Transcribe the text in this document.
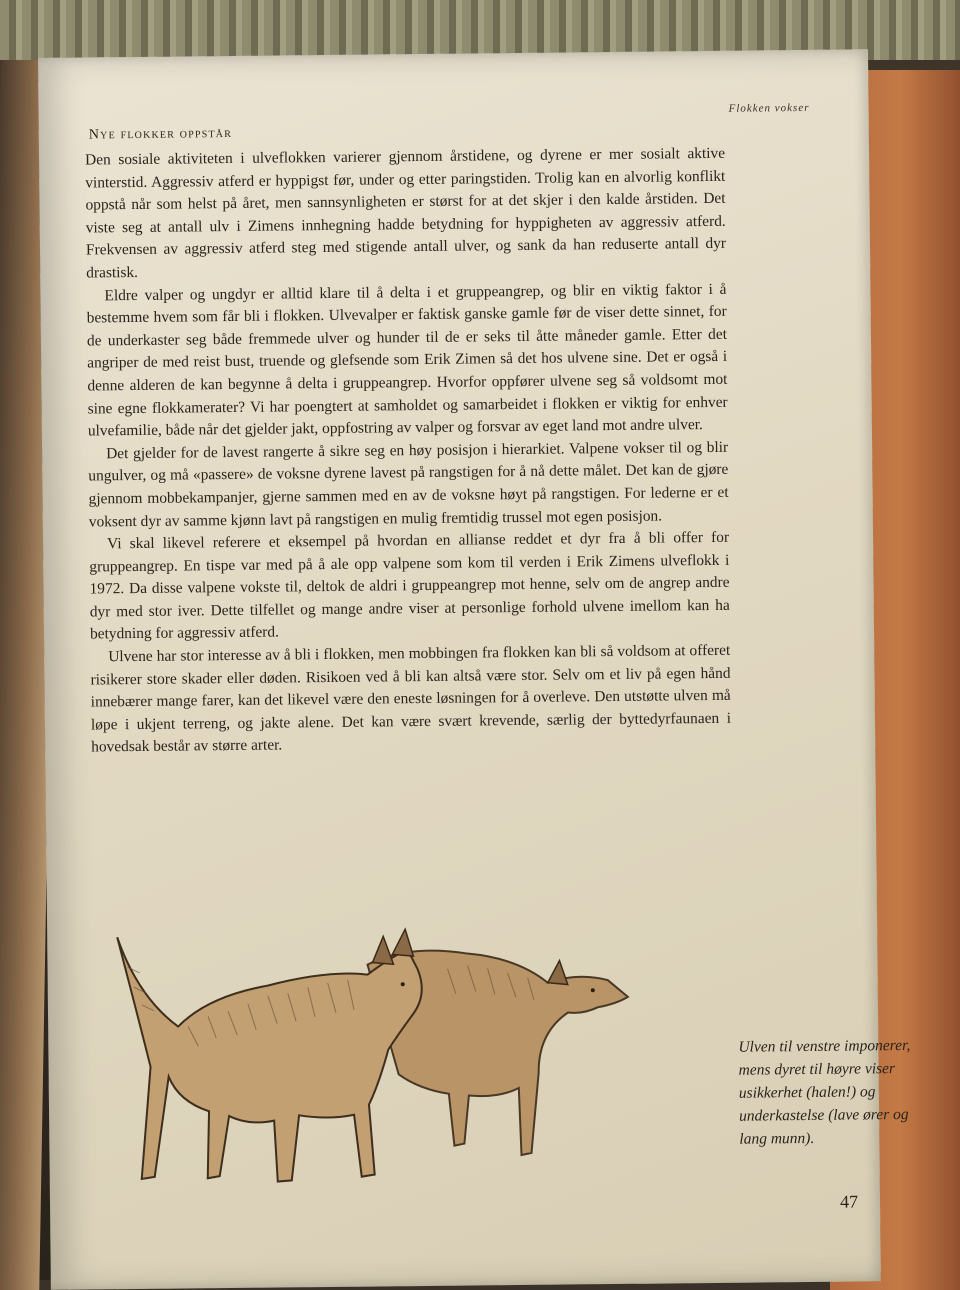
Flokken vokser
Nye flokker oppstår

Den sosiale aktiviteten i ulveflokken varierer gjennom årstidene, og dyrene er mer sosialt aktive vinterstid. Aggressiv atferd er hyppigst før, under og etter paringstiden. Trolig kan en alvorlig konflikt oppstå når som helst på året, men sannsynligheten er størst for at det skjer i den kalde årstiden. Det viste seg at antall ulv i Zimens innhegning hadde betydning for hyppigheten av aggressiv atferd. Frekvensen av aggressiv atferd steg med stigende antall ulver, og sank da han reduserte antall dyr drastisk.

Eldre valper og ungdyr er alltid klare til å delta i et gruppeangrep, og blir en viktig faktor i å bestemme hvem som får bli i flokken. Ulvevalper er faktisk ganske gamle før de viser dette sinnet, for de underkaster seg både fremmede ulver og hunder til de er seks til åtte måneder gamle. Etter det angriper de med reist bust, truende og glefsende som Erik Zimen så det hos ulvene sine. Det er også i denne alderen de kan begynne å delta i gruppeangrep. Hvorfor oppfører ulvene seg så voldsomt mot sine egne flokkamerater? Vi har poengtert at samholdet og samarbeidet i flokken er viktig for enhver ulvefamilie, både når det gjelder jakt, oppfostring av valper og forsvar av eget land mot andre ulver.

Det gjelder for de lavest rangerte å sikre seg en høy posisjon i hierarkiet. Valpene vokser til og blir ungulver, og må «passere» de voksne dyrene lavest på rangstigen for å nå dette målet. Det kan de gjøre gjennom mobbekampanjer, gjerne sammen med en av de voksne høyt på rangstigen. For lederne er et voksent dyr av samme kjønn lavt på rangstigen en mulig fremtidig trussel mot egen posisjon.

Vi skal likevel referere et eksempel på hvordan en allianse reddet et dyr fra å bli offer for gruppeangrep. En tispe var med på å ale opp valpene som kom til verden i Erik Zimens ulveflokk i 1972. Da disse valpene vokste til, deltok de aldri i gruppeangrep mot henne, selv om de angrep andre dyr med stor iver. Dette tilfellet og mange andre viser at personlige forhold ulvene imellom kan ha betydning for aggressiv atferd.

Ulvene har stor interesse av å bli i flokken, men mobbingen fra flokken kan bli så voldsom at offeret risikerer store skader eller døden. Risikoen ved å bli kan altså være stor. Selv om et liv på egen hånd innebærer mange farer, kan det likevel være den eneste løsningen for å overleve. Den utstøtte ulven må løpe i ukjent terreng, og jakte alene. Det kan være svært krevende, særlig der byttedyrfaunaen i hovedsak består av større arter.

Ulven til venstre imponerer, mens dyret til høyre viser usikkerhet (halen!) og underkastelse (lave ører og lang munn).
47
